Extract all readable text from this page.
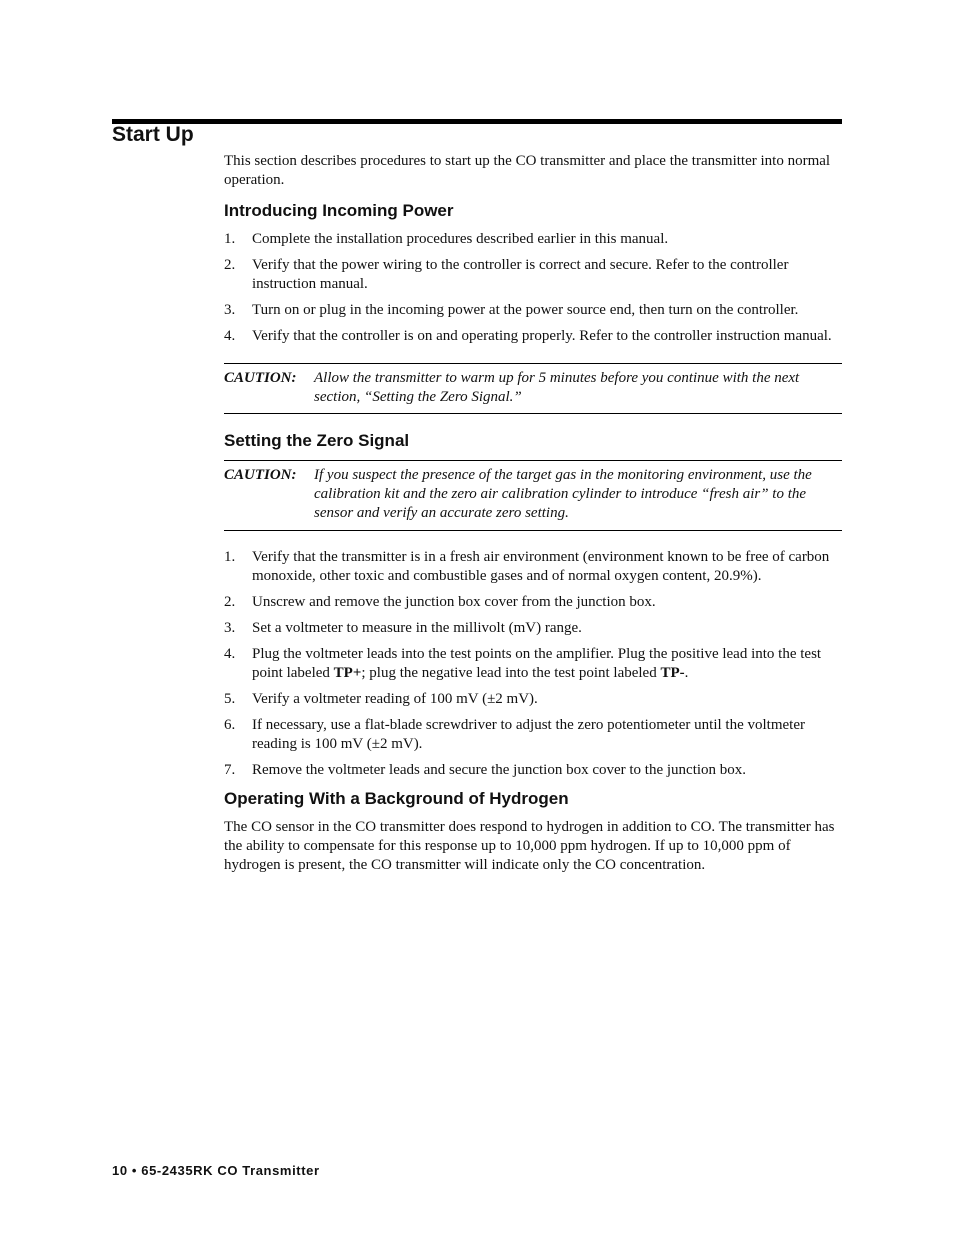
Start Up

This section describes procedures to start up the CO transmitter and place the transmitter into normal operation.

Introducing Incoming Power
1.	Complete the installation procedures described earlier in this manual.
2.	Verify that the power wiring to the controller is correct and secure. Refer to the controller instruction manual.
3.	Turn on or plug in the incoming power at the power source end, then turn on the controller.
4.	Verify that the controller is on and operating properly. Refer to the controller instruction manual.
CAUTION:	Allow the transmitter to warm up for 5 minutes before you continue with the next section, “Setting the Zero Signal.”
Setting the Zero Signal
CAUTION:	If you suspect the presence of the target gas in the monitoring environment, use the calibration kit and the zero air calibration cylinder to introduce “fresh air” to the sensor and verify an accurate zero setting.
1.	Verify that the transmitter is in a fresh air environment (environment known to be free of carbon monoxide, other toxic and combustible gases and of normal oxygen content, 20.9%).
2.	Unscrew and remove the junction box cover from the junction box.
3.	Set a voltmeter to measure in the millivolt (mV) range.
4.	Plug the voltmeter leads into the test points on the amplifier. Plug the positive lead into the test point labeled TP+; plug the negative lead into the test point labeled TP-.
5.	Verify a voltmeter reading of 100 mV (±2 mV).
6.	If necessary, use a flat-blade screwdriver to adjust the zero potentiometer until the voltmeter reading is 100 mV (±2 mV).
7.	Remove the voltmeter leads and secure the junction box cover to the junction box.
Operating With a Background of Hydrogen

The CO sensor in the CO transmitter does respond to hydrogen in addition to CO. The transmitter has the ability to compensate for this response up to 10,000 ppm hydrogen. If up to 10,000 ppm of hydrogen is present, the CO transmitter will indicate only the CO concentration.

10 • 65-2435RK CO Transmitter
